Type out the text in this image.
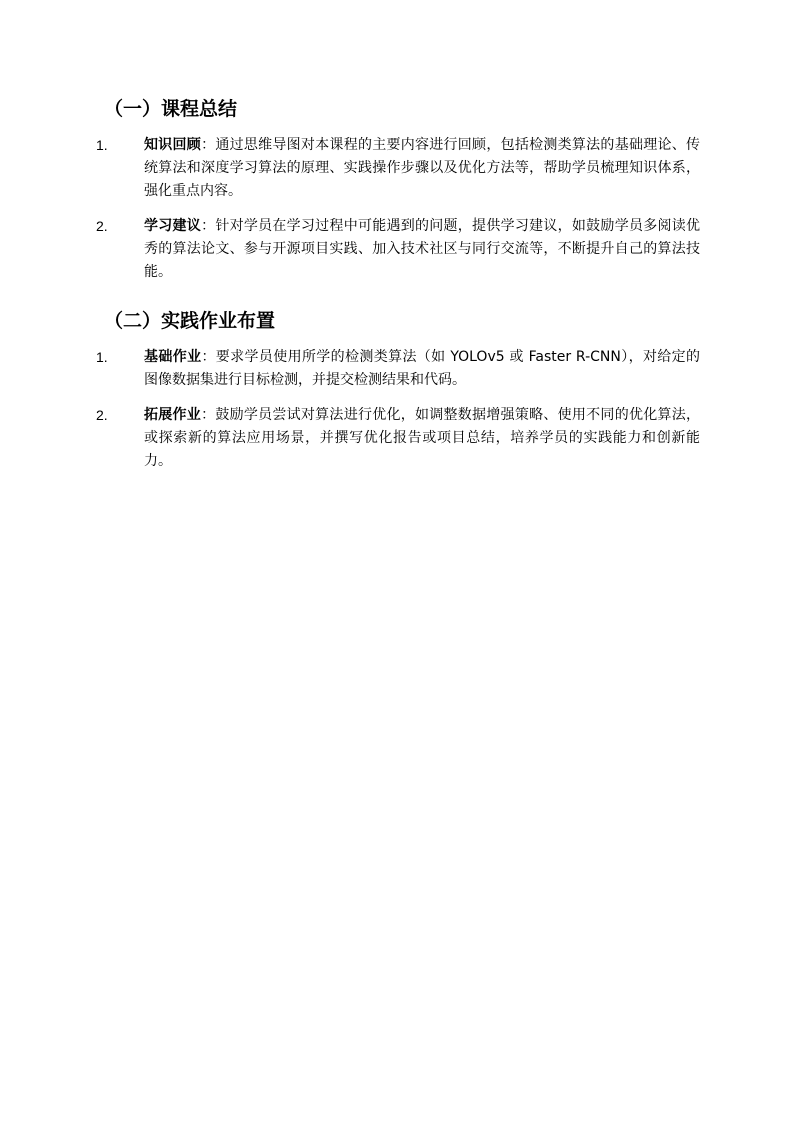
（一）课程总结
1.	知识回顾：通过思维导图对本课程的主要内容进行回顾，包括检测类算法的基础理论、传统算法和深度学习算法的原理、实践操作步骤以及优化方法等，帮助学员梳理知识体系，强化重点内容。
2.	学习建议：针对学员在学习过程中可能遇到的问题，提供学习建议，如鼓励学员多阅读优秀的算法论文、参与开源项目实践、加入技术社区与同行交流等，不断提升自己的算法技能。
（二）实践作业布置
1.	基础作业：要求学员使用所学的检测类算法（如 YOLOv5 或 Faster R-CNN），对给定的图像数据集进行目标检测，并提交检测结果和代码。
2.	拓展作业：鼓励学员尝试对算法进行优化，如调整数据增强策略、使用不同的优化算法，或探索新的算法应用场景，并撰写优化报告或项目总结，培养学员的实践能力和创新能力。
